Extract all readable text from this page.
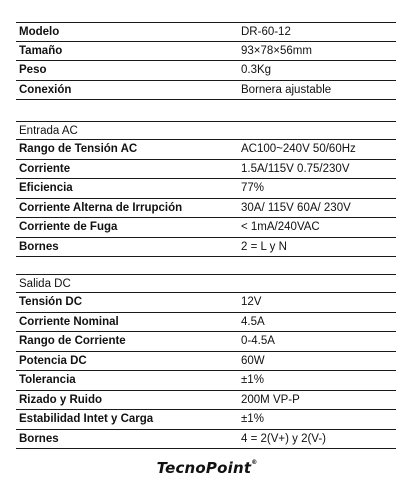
Modelo	DR-60-12
Tamaño	93×78×56mm
Peso	0.3Kg
Conexión	Bornera ajustable
Entrada AC
Rango de Tensión AC	AC100~240V 50/60Hz
Corriente	1.5A/115V 0.75/230V
Eficiencia	77%
Corriente Alterna de Irrupción	30A/ 115V 60A/ 230V
Corriente de Fuga	< 1mA/240VAC
Bornes	2 = L y N
Salida DC
Tensión DC	12V
Corriente Nominal	4.5A
Rango de Corriente	0-4.5A
Potencia DC	60W
Tolerancia	±1%
Rizado y Ruido	200M VP-P
Estabilidad Intet y Carga	±1%
Bornes	4 = 2(V+) y 2(V-)
TecnoPoint®
